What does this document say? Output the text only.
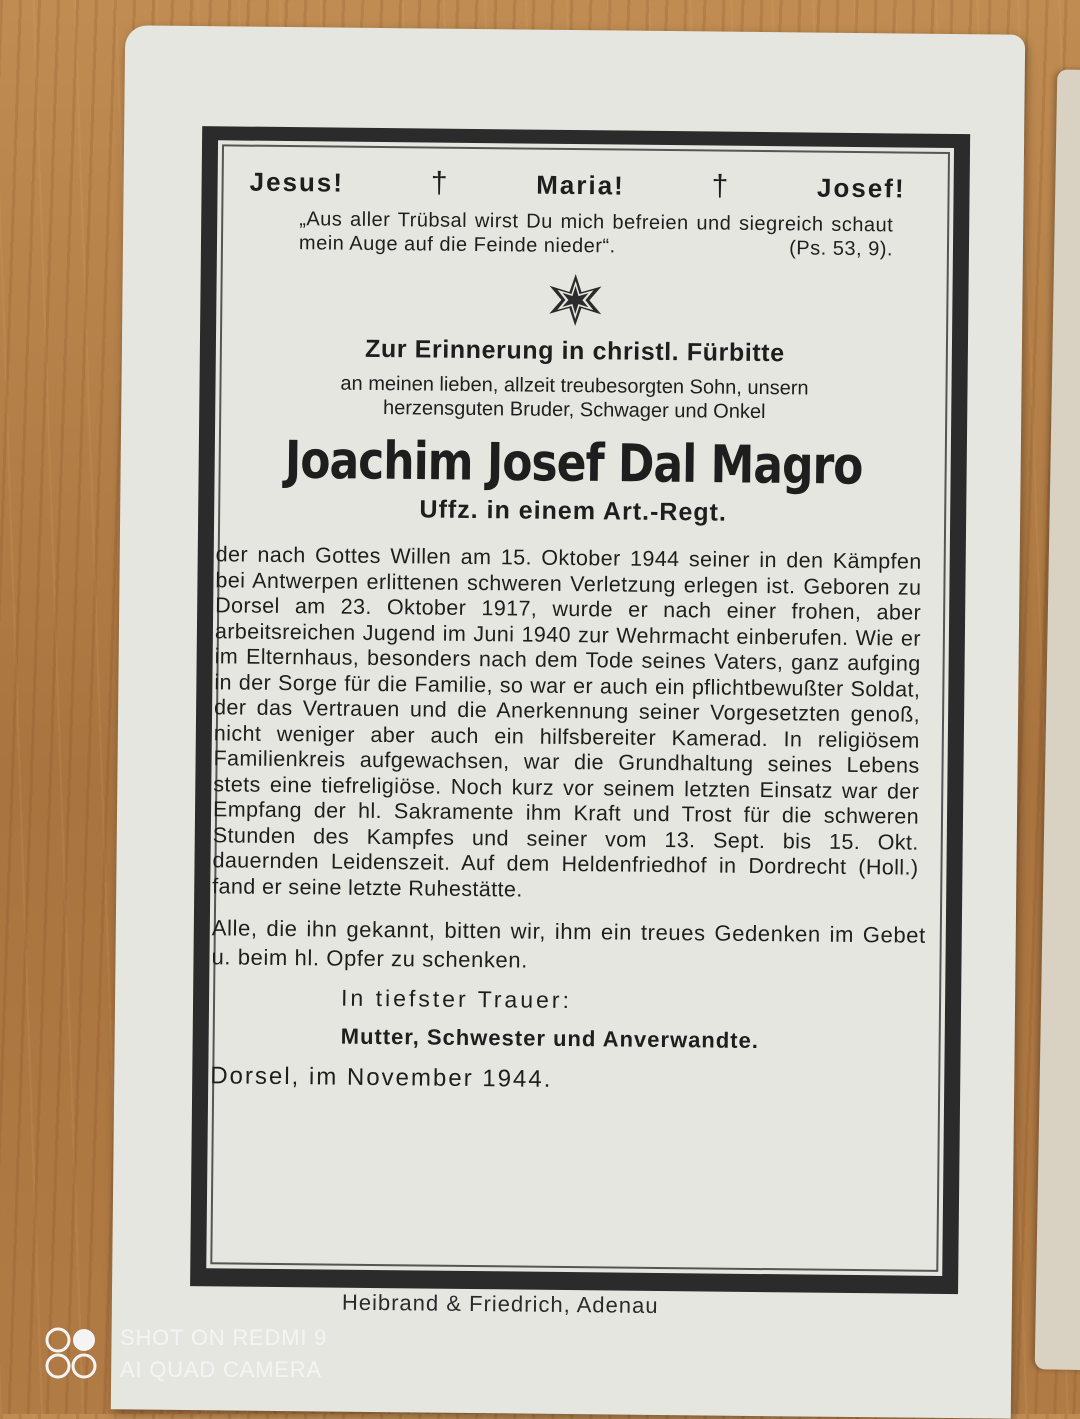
Jesus!	†	Maria!	†	Josef!
„Aus aller Trübsal wirst Du mich befreien und siegreich schaut mein Auge auf die Feinde nieder“.	(Ps. 53, 9).
Zur Erinnerung in christl. Fürbitte
an meinen lieben, allzeit treubesorgten Sohn, unsern
herzensguten Bruder, Schwager und Onkel
Joachim Josef Dal Magro
Uffz. in einem Art.-Regt.
der nach Gottes Willen am 15. Oktober 1944 seiner in den Kämpfen bei Antwerpen erlittenen schweren Verletzung erlegen ist. Geboren zu Dorsel am 23. Oktober 1917, wurde er nach einer frohen, aber arbeitsreichen Jugend im Juni 1940 zur Wehrmacht einberufen. Wie er im Elternhaus, besonders nach dem Tode seines Vaters, ganz aufging in der Sorge für die Familie, so war er auch ein pflichtbewußter Soldat, der das Vertrauen und die Anerkennung seiner Vorgesetzten genoß, nicht weniger aber auch ein hilfsbereiter Kamerad. In religiösem Familienkreis aufgewachsen, war die Grundhaltung seines Lebens stets eine tiefreligiöse. Noch kurz vor seinem letzten Einsatz war der Empfang der hl. Sakramente ihm Kraft und Trost für die schweren Stunden des Kampfes und seiner vom 13. Sept. bis 15. Okt. dauernden Leidenszeit. Auf dem Heldenfriedhof in Dordrecht (Holl.) fand er seine letzte Ruhestätte.
Alle, die ihn gekannt, bitten wir, ihm ein treues Gedenken im Gebet u. beim hl. Opfer zu schenken.
In tiefster Trauer:
Mutter, Schwester und Anverwandte.
Dorsel, im November 1944.
Heibrand & Friedrich, Adenau
SHOT ON REDMI 9
AI QUAD CAMERA
